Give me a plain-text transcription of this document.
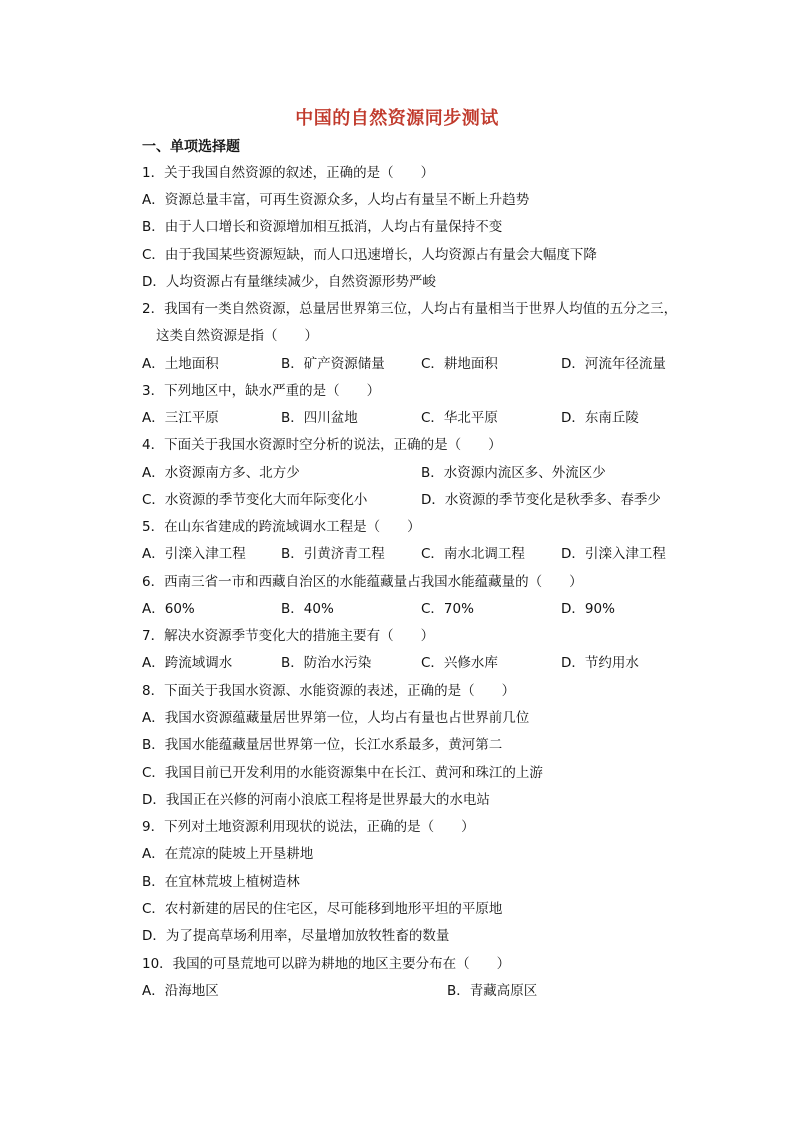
中国的自然资源同步测试
一、单项选择题
1．关于我国自然资源的叙述，正确的是（　　）
A．资源总量丰富，可再生资源众多，人均占有量呈不断上升趋势
B．由于人口增长和资源增加相互抵消，人均占有量保持不变
C．由于我国某些资源短缺，而人口迅速增长，人均资源占有量会大幅度下降
D．人均资源占有量继续减少，自然资源形势严峻
2．我国有一类自然资源，总量居世界第三位，人均占有量相当于世界人均值的五分之三，
这类自然资源是指（　　）
A．土地面积	B．矿产资源储量	C．耕地面积	D．河流年径流量
3．下列地区中，缺水严重的是（　　）
A．三江平原	B．四川盆地	C．华北平原	D．东南丘陵
4．下面关于我国水资源时空分析的说法，正确的是（　　）
A．水资源南方多、北方少	B．水资源内流区多、外流区少
C．水资源的季节变化大而年际变化小	D．水资源的季节变化是秋季多、春季少
5．在山东省建成的跨流域调水工程是（　　）
A．引滦入津工程	B．引黄济青工程	C．南水北调工程	D．引滦入津工程
6．西南三省一市和西藏自治区的水能蕴藏量占我国水能蕴藏量的（　　）
A．60%	B．40%	C．70%	D．90%
7．解决水资源季节变化大的措施主要有（　　）
A．跨流域调水	B．防治水污染	C．兴修水库	D．节约用水
8．下面关于我国水资源、水能资源的表述，正确的是（　　）
A．我国水资源蕴藏量居世界第一位，人均占有量也占世界前几位
B．我国水能蕴藏量居世界第一位，长江水系最多，黄河第二
C．我国目前已开发利用的水能资源集中在长江、黄河和珠江的上游
D．我国正在兴修的河南小浪底工程将是世界最大的水电站
9．下列对土地资源利用现状的说法，正确的是（　　）
A．在荒凉的陡坡上开垦耕地
B．在宜林荒坡上植树造林
C．农村新建的居民的住宅区，尽可能移到地形平坦的平原地
D．为了提高草场利用率，尽量增加放牧牲畜的数量
10．我国的可垦荒地可以辟为耕地的地区主要分布在（　　）
A．沿海地区	B．青藏高原区
